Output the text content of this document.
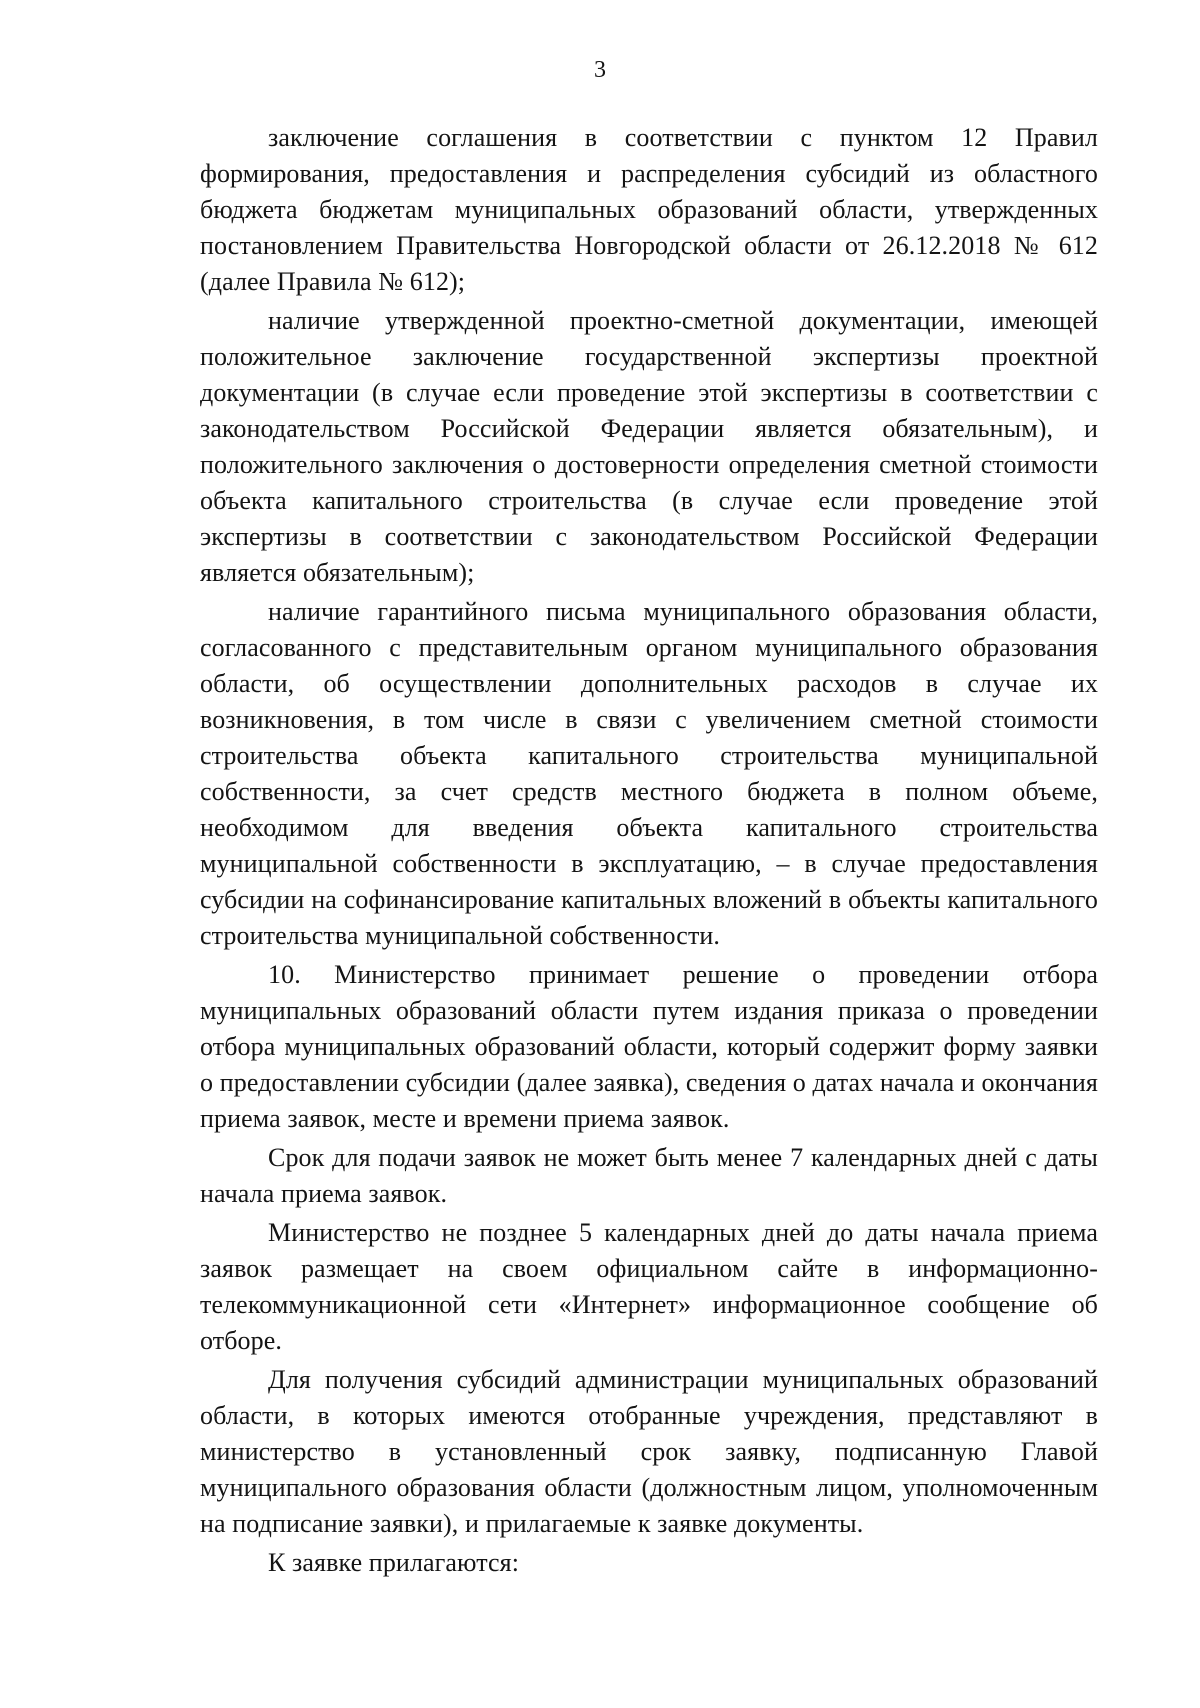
3

заключение соглашения в соответствии с пунктом 12 Правил формирования, предоставления и распределения субсидий из областного бюджета бюджетам муниципальных образований области, утвержденных постановлением Правительства Новгородской области от 26.12.2018 № 612 (далее Правила № 612);

наличие утвержденной проектно-сметной документации, имеющей положительное заключение государственной экспертизы проектной документации (в случае если проведение этой экспертизы в соответствии с законодательством Российской Федерации является обязательным), и положительного заключения о достоверности определения сметной стоимости объекта капитального строительства (в случае если проведение этой экспертизы в соответствии с законодательством Российской Федерации является обязательным);

наличие гарантийного письма муниципального образования области, согласованного с представительным органом муниципального образования области, об осуществлении дополнительных расходов в случае их возникновения, в том числе в связи с увеличением сметной стоимости строительства объекта капитального строительства муниципальной собственности, за счет средств местного бюджета в полном объеме, необходимом для введения объекта капитального строительства муниципальной собственности в эксплуатацию, – в случае предоставления субсидии на софинансирование капитальных вложений в объекты капитального строительства муниципальной собственности.

10. Министерство принимает решение о проведении отбора муниципальных образований области путем издания приказа о проведении отбора муниципальных образований области, который содержит форму заявки о предоставлении субсидии (далее заявка), сведения о датах начала и окончания приема заявок, месте и времени приема заявок.

Срок для подачи заявок не может быть менее 7 календарных дней с даты начала приема заявок.

Министерство не позднее 5 календарных дней до даты начала приема заявок размещает на своем официальном сайте в информационно-телекоммуникационной сети «Интернет» информационное сообщение об отборе.

Для получения субсидий администрации муниципальных образований области, в которых имеются отобранные учреждения, представляют в министерство в установленный срок заявку, подписанную Главой муниципального образования области (должностным лицом, уполномоченным на подписание заявки), и прилагаемые к заявке документы.

К заявке прилагаются:
